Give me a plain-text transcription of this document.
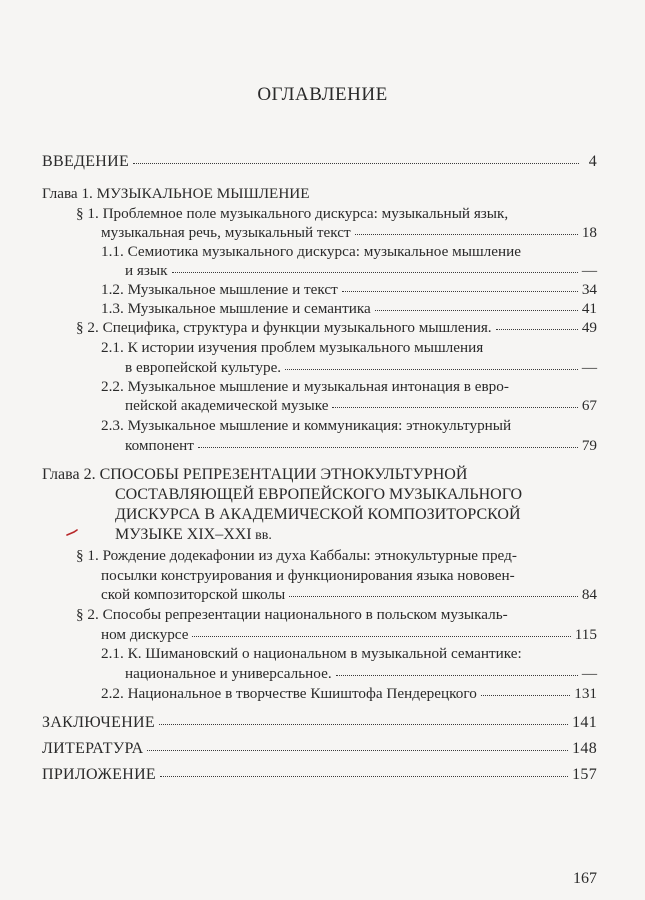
ОГЛАВЛЕНИЕ
ВВЕДЕНИЕ	4
Глава 1. МУЗЫКАЛЬНОЕ МЫШЛЕНИЕ
§ 1. Проблемное поле музыкального дискурса: музыкальный язык,
музыкальная речь, музыкальный текст	18
1.1. Семиотика музыкального дискурса: музыкальное мышление
и язык	—
1.2. Музыкальное мышление и текст	34
1.3. Музыкальное мышление и семантика	41
§ 2. Специфика, структура и функции музыкального мышления.	49
2.1. К истории изучения проблем музыкального мышления
в европейской культуре.	—
2.2. Музыкальное мышление и музыкальная интонация в евро-
пейской академической музыке	67
2.3. Музыкальное мышление и коммуникация: этнокультурный
компонент	79
Глава 2. СПОСОБЫ РЕПРЕЗЕНТАЦИИ ЭТНОКУЛЬТУРНОЙ
СОСТАВЛЯЮЩЕЙ ЕВРОПЕЙСКОГО МУЗЫКАЛЬНОГО
ДИСКУРСА В АКАДЕМИЧЕСКОЙ КОМПОЗИТОРСКОЙ
МУЗЫКЕ XIX–XXI вв.
§ 1. Рождение додекафонии из духа Каббалы: этнокультурные пред-
посылки конструирования и функционирования языка нововен-
ской композиторской школы	84
§ 2. Способы репрезентации национального в польском музыкаль-
ном дискурсе	115
2.1. К. Шимановский о национальном в музыкальной семантике:
национальное и универсальное.	—
2.2. Национальное в творчестве Кшиштофа Пендерецкого	131
ЗАКЛЮЧЕНИЕ	141
ЛИТЕРАТУРА	148
ПРИЛОЖЕНИЕ	157
167
